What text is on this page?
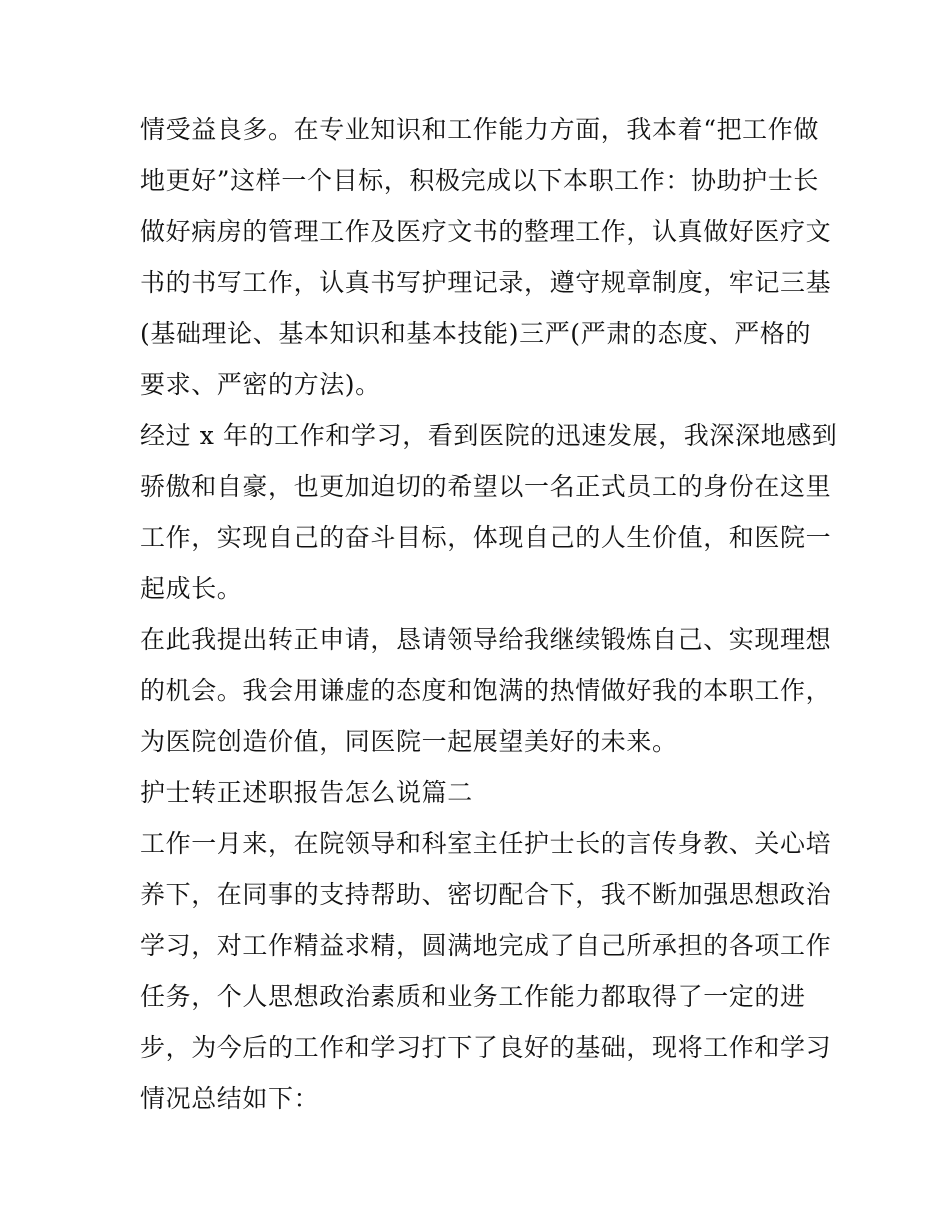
情受益良多。在专业知识和工作能力方面，我本着“把工作做
地更好”这样一个目标，积极完成以下本职工作：协助护士长
做好病房的管理工作及医疗文书的整理工作，认真做好医疗文
书的书写工作，认真书写护理记录，遵守规章制度，牢记三基
(基础理论、基本知识和基本技能)三严(严肃的态度、严格的
要求、严密的方法)。
经过 x 年的工作和学习，看到医院的迅速发展，我深深地感到
骄傲和自豪，也更加迫切的希望以一名正式员工的身份在这里
工作，实现自己的奋斗目标，体现自己的人生价值，和医院一
起成长。
在此我提出转正申请，恳请领导给我继续锻炼自己、实现理想
的机会。我会用谦虚的态度和饱满的热情做好我的本职工作，
为医院创造价值，同医院一起展望美好的未来。
护士转正述职报告怎么说篇二
工作一月来，在院领导和科室主任护士长的言传身教、关心培
养下，在同事的支持帮助、密切配合下，我不断加强思想政治
学习，对工作精益求精，圆满地完成了自己所承担的各项工作
任务，个人思想政治素质和业务工作能力都取得了一定的进
步，为今后的工作和学习打下了良好的基础，现将工作和学习
情况总结如下：
